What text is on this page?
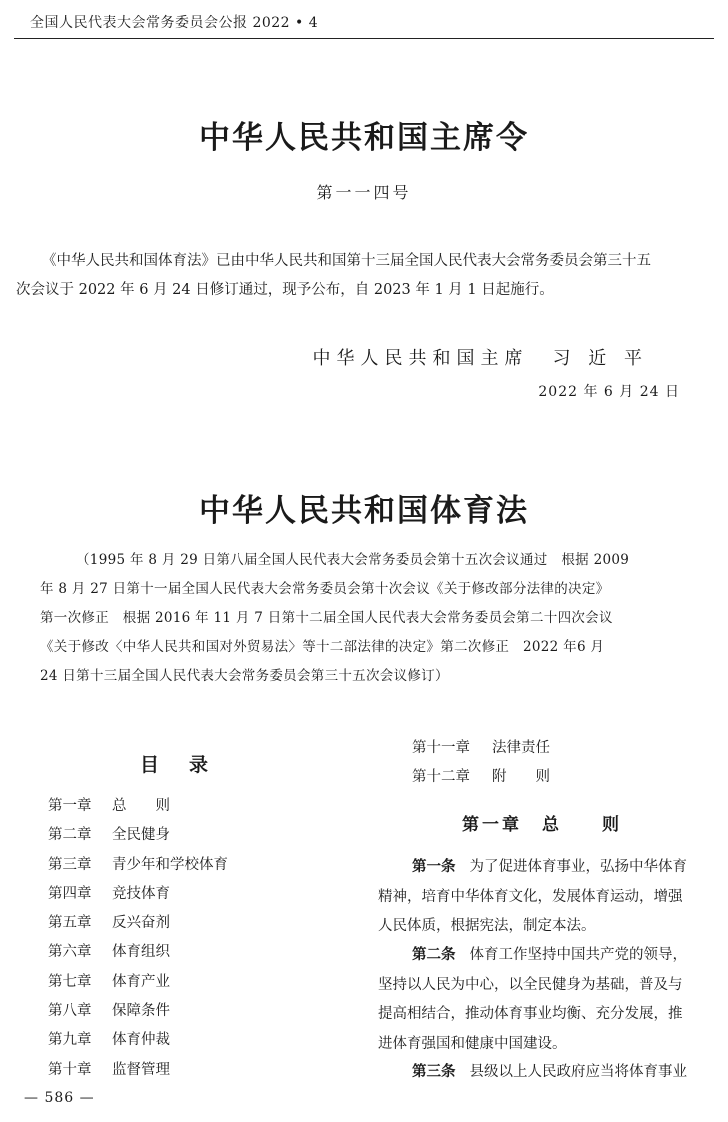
全国人民代表大会常务委员会公报 2022 • 4
中华人民共和国主席令
第一一四号
《中华人民共和国体育法》已由中华人民共和国第十三届全国人民代表大会常务委员会第三十五
次会议于 2022 年 6 月 24 日修订通过，现予公布，自 2023 年 1 月 1 日起施行。
中华人民共和国主席　习 近 平
2022 年 6 月 24 日
中华人民共和国体育法
（1995 年 8 月 29 日第八届全国人民代表大会常务委员会第十五次会议通过　根据 2009
年 8 月 27 日第十一届全国人民代表大会常务委员会第十次会议《关于修改部分法律的决定》
第一次修正　根据 2016 年 11 月 7 日第十二届全国人民代表大会常务委员会第二十四次会议
《关于修改〈中华人民共和国对外贸易法〉等十二部法律的决定》第二次修正　2022 年6 月
24 日第十三届全国人民代表大会常务委员会第三十五次会议修订）
目录
第一章 总　　则
第二章 全民健身
第三章 青少年和学校体育
第四章 竞技体育
第五章 反兴奋剂
第六章 体育组织
第七章 体育产业
第八章 保障条件
第九章 体育仲裁
第十章 监督管理
第十一章 法律责任
第十二章 附　　则
第一章　总　　则
第一条 为了促进体育事业，弘扬中华体育
精神，培育中华体育文化，发展体育运动，增强
人民体质，根据宪法，制定本法。
第二条 体育工作坚持中国共产党的领导，
坚持以人民为中心，以全民健身为基础，普及与
提高相结合，推动体育事业均衡、充分发展，推
进体育强国和健康中国建设。
第三条 县级以上人民政府应当将体育事业
— 586 —
